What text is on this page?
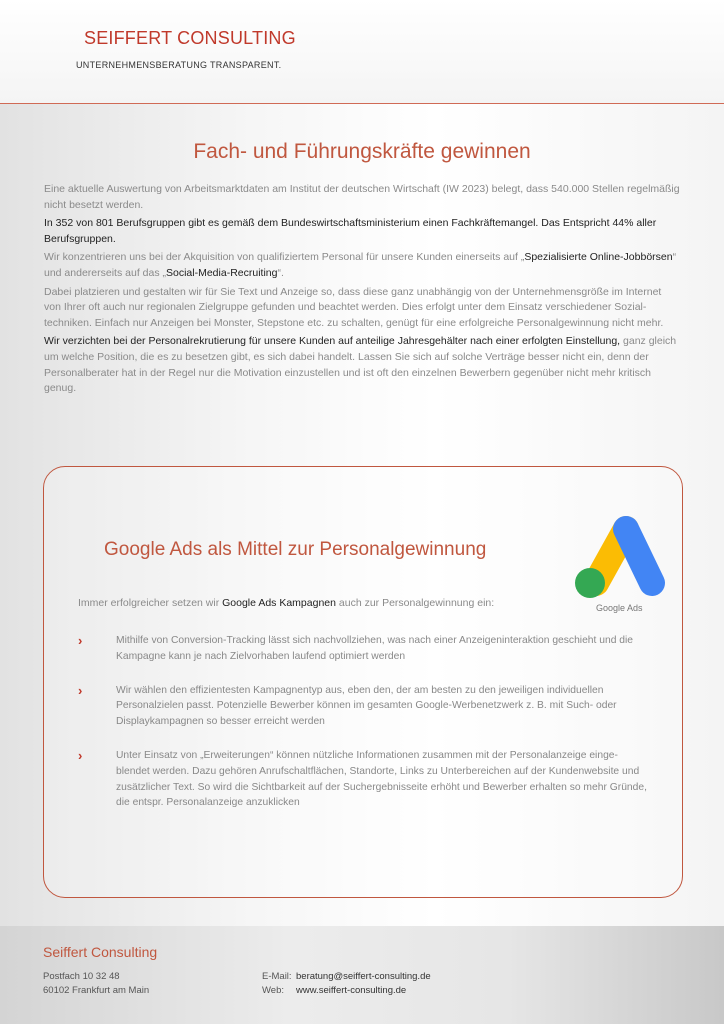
SEIFFERT CONSULTING
UNTERNEHMENSBERATUNG TRANSPARENT.
Fach- und Führungskräfte gewinnen

Eine aktuelle Auswertung von Arbeitsmarktdaten am Institut der deutschen Wirtschaft (IW 2023) belegt, dass 540.000 Stellen regelmäßig nicht besetzt werden.

In 352 von 801 Berufsgruppen gibt es gemäß dem Bundeswirtschaftsministerium einen Fachkräftemangel. Das Entspricht 44% aller Berufsgruppen.

Wir konzentrieren uns bei der Akquisition von qualifiziertem Personal für unsere Kunden einerseits auf „Spezialisierte Online-Jobbörsen“ und andererseits auf das „Social-Media-Recruiting“.

Dabei platzieren und gestalten wir für Sie Text und Anzeige so, dass diese ganz unabhängig von der Unternehmensgröße im Internet von Ihrer oft auch nur regionalen Zielgruppe gefunden und beachtet werden. Dies erfolgt unter dem Einsatz verschiedener Sozial-techniken. Einfach nur Anzeigen bei Monster, Stepstone etc. zu schalten, genügt für eine erfolgreiche Personalgewinnung nicht mehr.

Wir verzichten bei der Personalrekrutierung für unsere Kunden auf anteilige Jahresgehälter nach einer erfolgten Einstellung, ganz gleich um welche Position, die es zu besetzen gibt, es sich dabei handelt. Lassen Sie sich auf solche Verträge besser nicht ein, denn der Personalberater hat in der Regel nur die Motivation einzustellen und ist oft den einzelnen Bewerbern gegenüber nicht mehr kritisch genug.

Google Ads als Mittel zur Personalgewinnung
Google Ads
Immer erfolgreicher setzen wir Google Ads Kampagnen auch zur Personalgewinnung ein:
›	Mithilfe von Conversion-Tracking lässt sich nachvollziehen, was nach einer Anzeigeninteraktion geschieht und die Kampagne kann je nach Zielvorhaben laufend optimiert werden
›	Wir wählen den effizientesten Kampagnentyp aus, eben den, der am besten zu den jeweiligen individuellen Personalzielen passt. Potenzielle Bewerber können im gesamten Google-Werbenetzwerk z. B. mit Such- oder Displaykampagnen so besser erreicht werden
›	Unter Einsatz von „Erweiterungen“ können nützliche Informationen zusammen mit der Personalanzeige einge-blendet werden. Dazu gehören Anrufschaltflächen, Standorte, Links zu Unterbereichen auf der Kundenwebsite und zusätzlicher Text. So wird die Sichtbarkeit auf der Suchergebnisseite erhöht und Bewerber erhalten so mehr Gründe, die entspr. Personalanzeige anzuklicken
Seiffert Consulting
Postfach 10 32 48
60102 Frankfurt am Main
E-Mail: beratung@seiffert-consulting.de
Web: www.seiffert-consulting.de
